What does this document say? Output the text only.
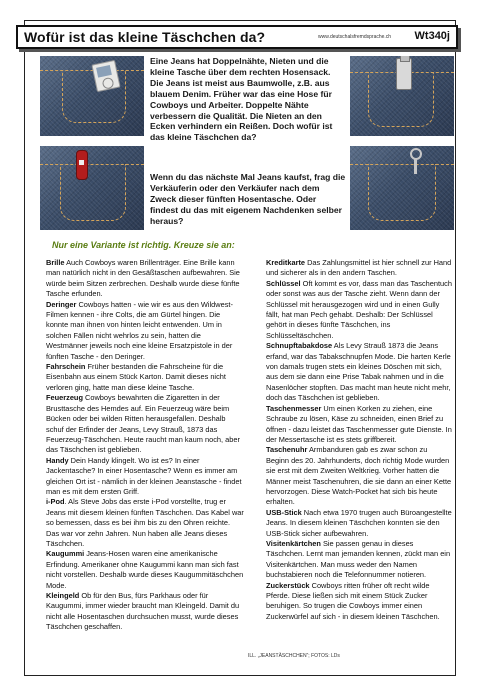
Wofür ist das kleine Täschchen da?	www.deutschalsfremdsprache.ch Wt340j
Eine Jeans hat Doppelnähte, Nieten und die kleine Tasche über dem rechten Hosensack. Die Jeans ist meist aus Baumwolle, z.B. aus blauem Denim. Früher war das eine Hose für Cowboys und Arbeiter. Doppelte Nähte verbessern die Qualität. Die Nieten an den Ecken verhindern ein Reißen. Doch wofür ist das kleine Täschchen da?
Wenn du das nächste Mal Jeans kaufst, frag die Verkäuferin oder den Verkäufer nach dem Zweck dieser fünften Hosentasche. Oder findest du das mit eigenem Nachdenken selber heraus?
Nur eine Variante ist richtig. Kreuze sie an:

Brille Auch Cowboys waren Brillenträger. Eine Brille kann man natürlich nicht in den Gesäßtaschen aufbewahren. Sie würde beim Sitzen zerbrechen. Deshalb wurde diese fünfte Tasche erfunden.

Deringer Cowboys hatten - wie wir es aus den Wildwest-Filmen kennen - ihre Colts, die am Gürtel hingen. Die konnte man ihnen von hinten leicht entwenden. Um in solchen Fällen nicht wehrlos zu sein, hatten die Westmänner jeweils noch eine kleine Ersatzpistole in der fünften Tasche - den Deringer.

Fahrschein Früher bestanden die Fahrscheine für die Eisenbahn aus einem Stück Karton. Damit dieses nicht verloren ging, hatte man diese kleine Tasche.

Feuerzeug Cowboys bewahrten die Zigaretten in der Brusttasche des Hemdes auf. Ein Feuerzeug wäre beim Bücken oder bei wilden Ritten herausgefallen. Deshalb schuf der Erfinder der Jeans, Levy Strauß, 1873 das Feuerzeug-Täschchen. Heute raucht man kaum noch, aber das Täschchen ist geblieben.

Handy Dein Handy klingelt. Wo ist es? In einer Jackentasche? In einer Hosentasche? Wenn es immer am gleichen Ort ist - nämlich in der kleinen Jeanstasche - findet man es mit dem ersten Griff.

i-Pod. Als Steve Jobs das erste i-Pod vorstellte, trug er Jeans mit diesem kleinen fünften Täschchen. Das Kabel war so bemessen, dass es bei ihm bis zu den Ohren reichte. Das war vor zehn Jahren. Nun haben alle Jeans dieses Täschchen.

Kaugummi Jeans-Hosen waren eine amerikanische Erfindung. Amerikaner ohne Kaugummi kann man sich fast nicht vorstellen. Deshalb wurde dieses Kaugummitäschchen Mode.

Kleingeld Ob für den Bus, fürs Parkhaus oder für Kaugummi, immer wieder braucht man Kleingeld. Damit du nicht alle Hosentaschen durchsuchen musst, wurde dieses Täschchen geschaffen.

Kreditkarte Das Zahlungsmittel ist hier schnell zur Hand und sicherer als in den andern Taschen.

Schlüssel Oft kommt es vor, dass man das Taschentuch oder sonst was aus der Tasche zieht. Wenn dann der Schlüssel mit herausgezogen wird und in einen Gully fällt, hat man Pech gehabt. Deshalb: Der Schlüssel gehört in dieses fünfte Täschchen, ins Schlüsseltäschchen.

Schnupftabakdose Als Levy Strauß 1873 die Jeans erfand, war das Tabakschnupfen Mode. Die harten Kerle von damals trugen stets ein kleines Döschen mit sich, aus dem sie dann eine Prise Tabak nahmen und in die Nasenlöcher stopften. Das macht man heute nicht mehr, doch das Täschchen ist geblieben.

Taschenmesser Um einen Korken zu ziehen, eine Schraube zu lösen, Käse zu schneiden, einen Brief zu öffnen - dazu leistet das Taschenmesser gute Dienste. In der Messertasche ist es stets griffbereit.

Taschenuhr Armbanduren gab es zwar schon zu Beginn des 20. Jahrhunderts, doch richtig Mode wurden sie erst mit dem Zweiten Weltkrieg. Vorher hatten die Männer meist Taschenuhren, die sie dann an einer Kette hervorzogen. Diese Watch-Pocket hat sich bis heute erhalten.

USB-Stick Nach etwa 1970 trugen auch Büroangestellte Jeans. In diesem kleinen Täschchen konnten sie den USB-Stick sicher aufbewahren.

Visitenkärtchen Sie passen genau in dieses Täschchen. Lernt man jemanden kennen, zückt man ein Visitenkärtchen. Man muss weder den Namen buchstabieren noch die Telefonnummer notieren.

Zuckerstück Cowboys ritten früher oft recht wilde Pferde. Diese ließen sich mit einem Stück Zucker beruhigen. So trugen die Cowboys immer einen Zuckerwürfel auf sich - in diesem kleinen Täschchen.

ILL. „JEANSTÄSCHCHEN“; FOTOS: LDs
